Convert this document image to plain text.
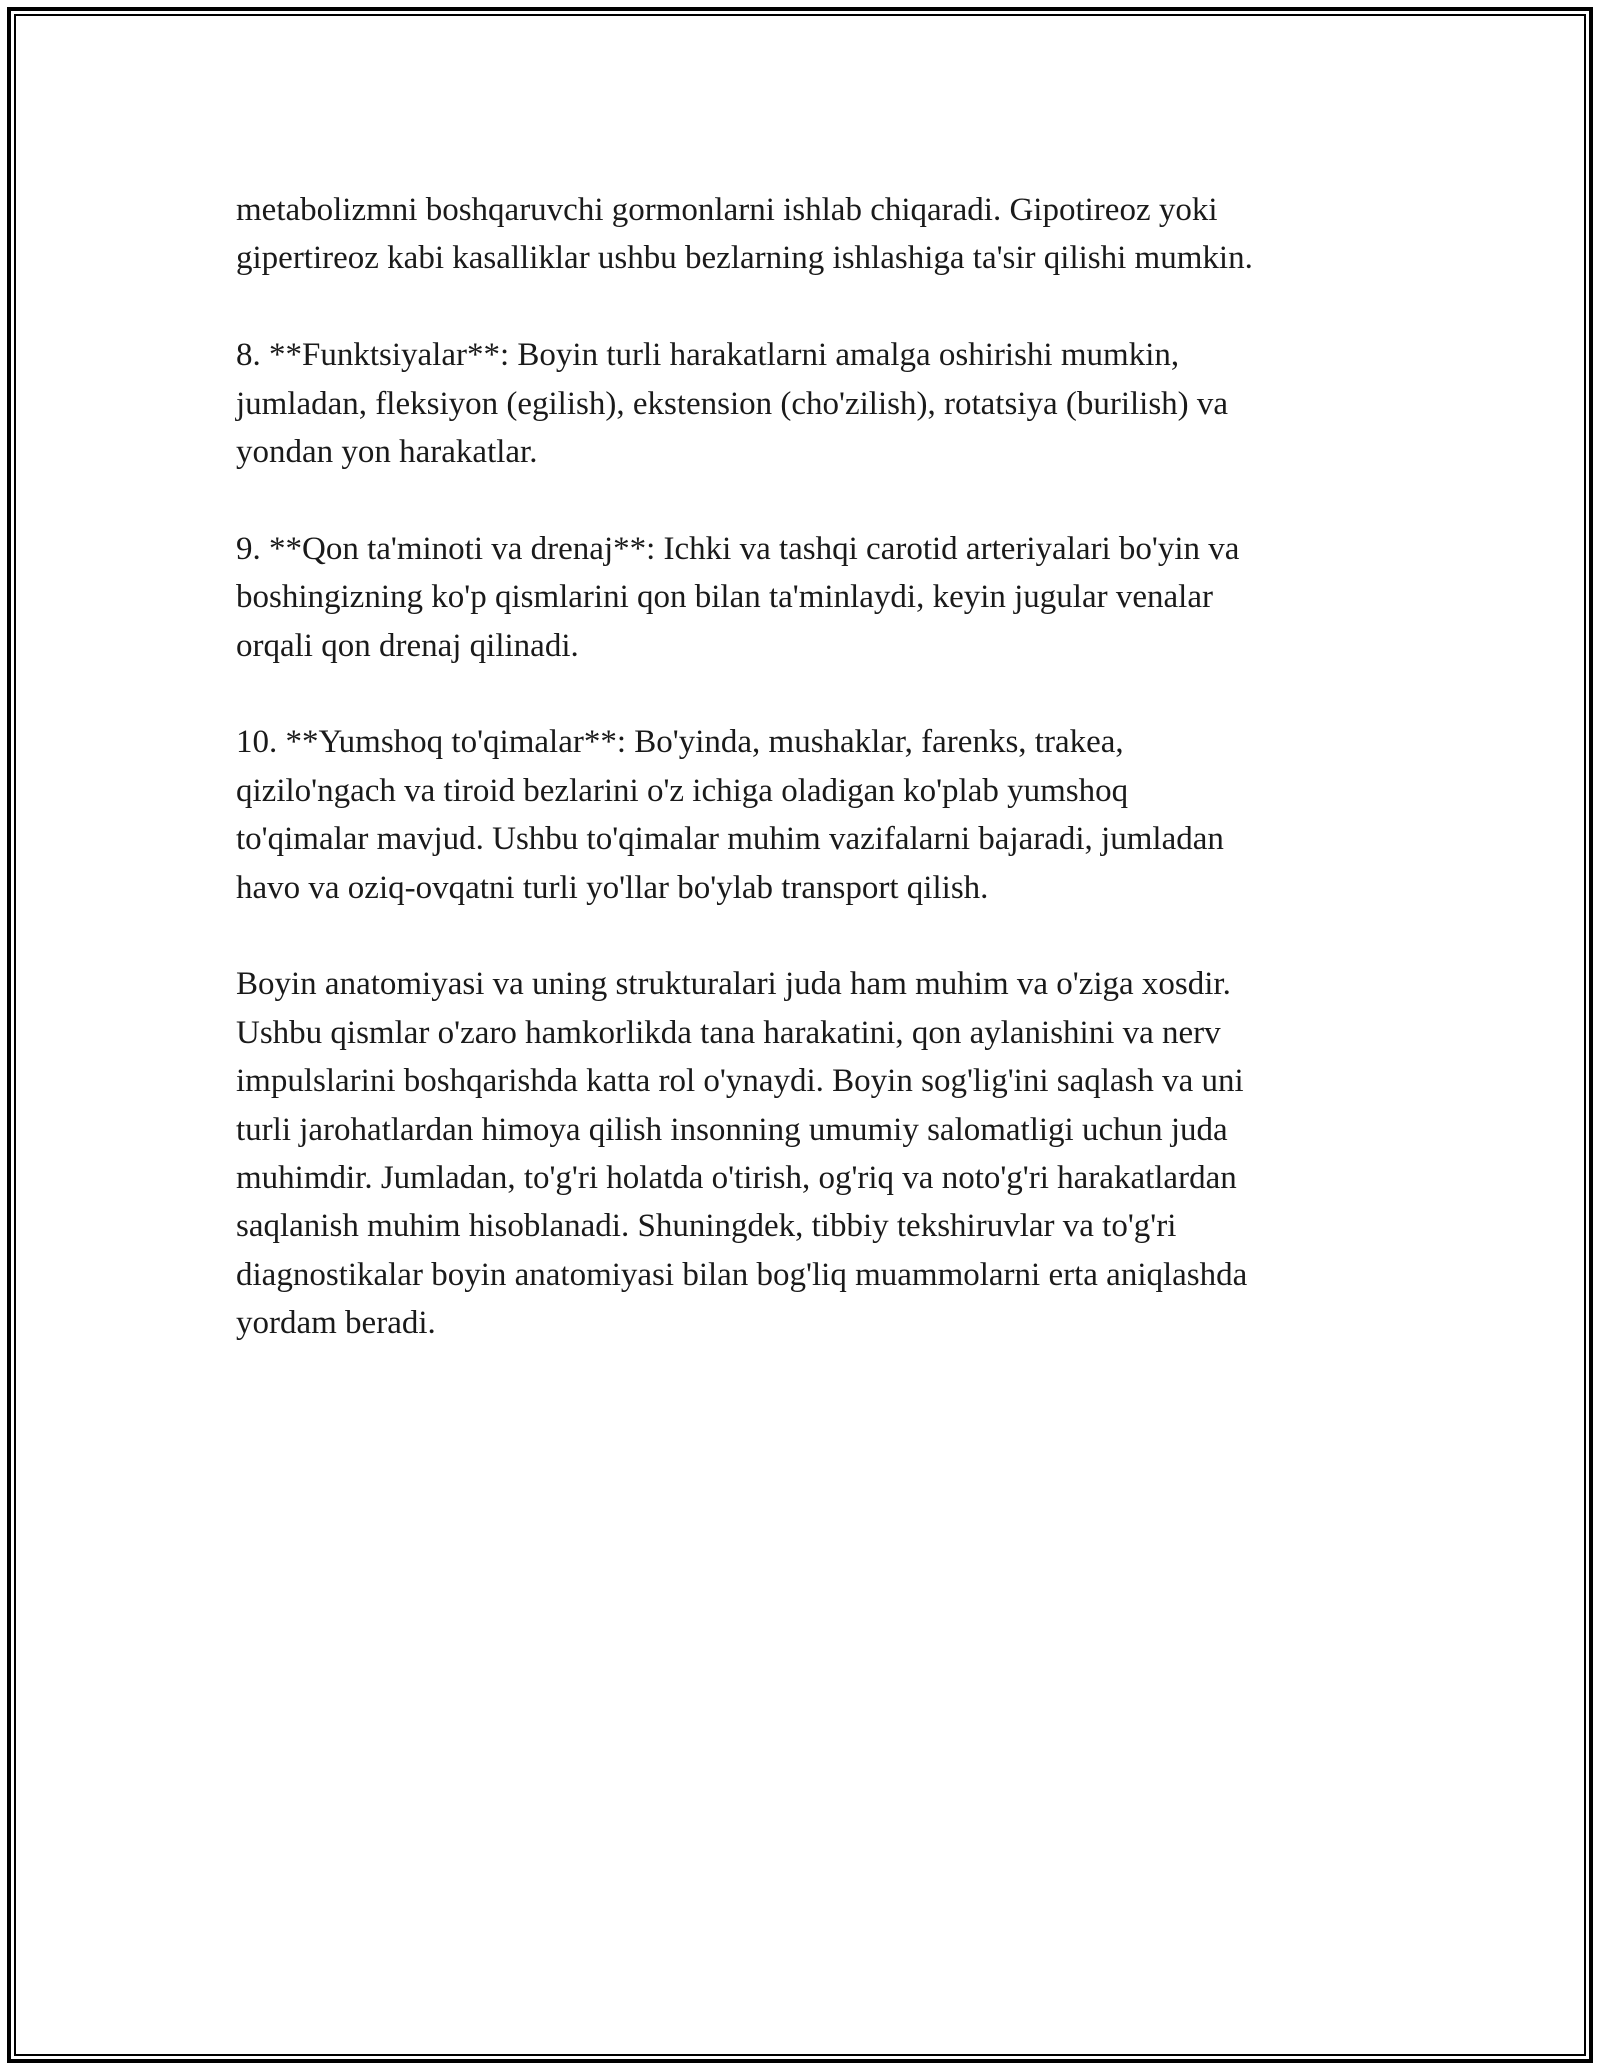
metabolizmni boshqaruvchi gormonlarni ishlab chiqaradi. Gipotireoz yoki
gipertireoz kabi kasalliklar ushbu bezlarning ishlashiga ta'sir qilishi mumkin.

8. **Funktsiyalar**: Boyin turli harakatlarni amalga oshirishi mumkin,
jumladan, fleksiyon (egilish), ekstension (cho'zilish), rotatsiya (burilish) va
yondan yon harakatlar.

9. **Qon ta'minoti va drenaj**: Ichki va tashqi carotid arteriyalari bo'yin va
boshingizning ko'p qismlarini qon bilan ta'minlaydi, keyin jugular venalar
orqali qon drenaj qilinadi.

10. **Yumshoq to'qimalar**: Bo'yinda, mushaklar, farenks, trakea,
qizilo'ngach va tiroid bezlarini o'z ichiga oladigan ko'plab yumshoq
to'qimalar mavjud. Ushbu to'qimalar muhim vazifalarni bajaradi, jumladan
havo va oziq-ovqatni turli yo'llar bo'ylab transport qilish.

Boyin anatomiyasi va uning strukturalari juda ham muhim va o'ziga xosdir.
Ushbu qismlar o'zaro hamkorlikda tana harakatini, qon aylanishini va nerv
impulslarini boshqarishda katta rol o'ynaydi. Boyin sog'lig'ini saqlash va uni
turli jarohatlardan himoya qilish insonning umumiy salomatligi uchun juda
muhimdir. Jumladan, to'g'ri holatda o'tirish, og'riq va noto'g'ri harakatlardan
saqlanish muhim hisoblanadi. Shuningdek, tibbiy tekshiruvlar va to'g'ri
diagnostikalar boyin anatomiyasi bilan bog'liq muammolarni erta aniqlashda
yordam beradi.
